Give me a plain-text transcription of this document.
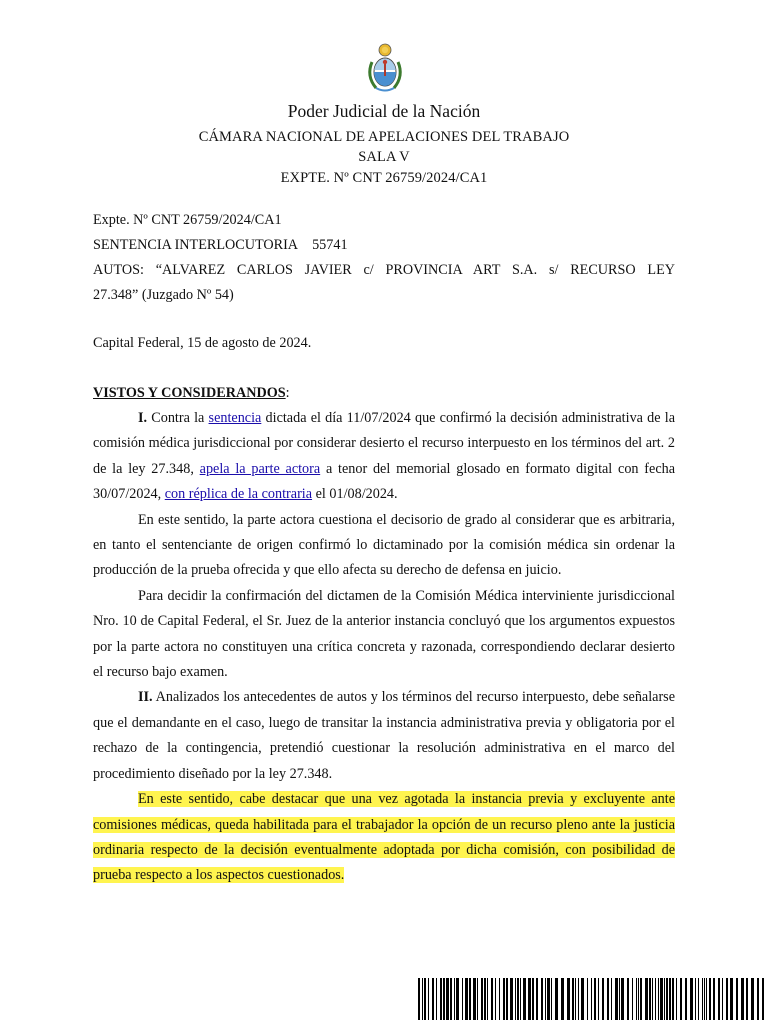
Poder Judicial de la Nación
CÁMARA NACIONAL DE APELACIONES DEL TRABAJO
SALA V
EXPTE. Nº CNT 26759/2024/CA1
Expte. Nº CNT 26759/2024/CA1
SENTENCIA INTERLOCUTORIA 55741
AUTOS: “ALVAREZ CARLOS JAVIER c/ PROVINCIA ART S.A. s/ RECURSO LEY
27.348” (Juzgado Nº 54)
Capital Federal, 15 de agosto de 2024.
VISTOS Y CONSIDERANDOS:

I. Contra la sentencia dictada el día 11/07/2024 que confirmó la decisión administrativa de la comisión médica jurisdiccional por considerar desierto el recurso interpuesto en los términos del art. 2 de la ley 27.348, apela la parte actora a tenor del memorial glosado en formato digital con fecha 30/07/2024, con réplica de la contraria el 01/08/2024.

En este sentido, la parte actora cuestiona el decisorio de grado al considerar que es arbitraria, en tanto el sentenciante de origen confirmó lo dictaminado por la comisión médica sin ordenar la producción de la prueba ofrecida y que ello afecta su derecho de defensa en juicio.

Para decidir la confirmación del dictamen de la Comisión Médica interviniente jurisdiccional Nro. 10 de Capital Federal, el Sr. Juez de la anterior instancia concluyó que los argumentos expuestos por la parte actora no constituyen una crítica concreta y razonada, correspondiendo declarar desierto el recurso bajo examen.

II. Analizados los antecedentes de autos y los términos del recurso interpuesto, debe señalarse que el demandante en el caso, luego de transitar la instancia administrativa previa y obligatoria por el rechazo de la contingencia, pretendió cuestionar la resolución administrativa en el marco del procedimiento diseñado por la ley 27.348.

En este sentido, cabe destacar que una vez agotada la instancia previa y excluyente ante comisiones médicas, queda habilitada para el trabajador la opción de un recurso pleno ante la justicia ordinaria respecto de la decisión eventualmente adoptada por dicha comisión, con posibilidad de prueba respecto a los aspectos cuestionados.
